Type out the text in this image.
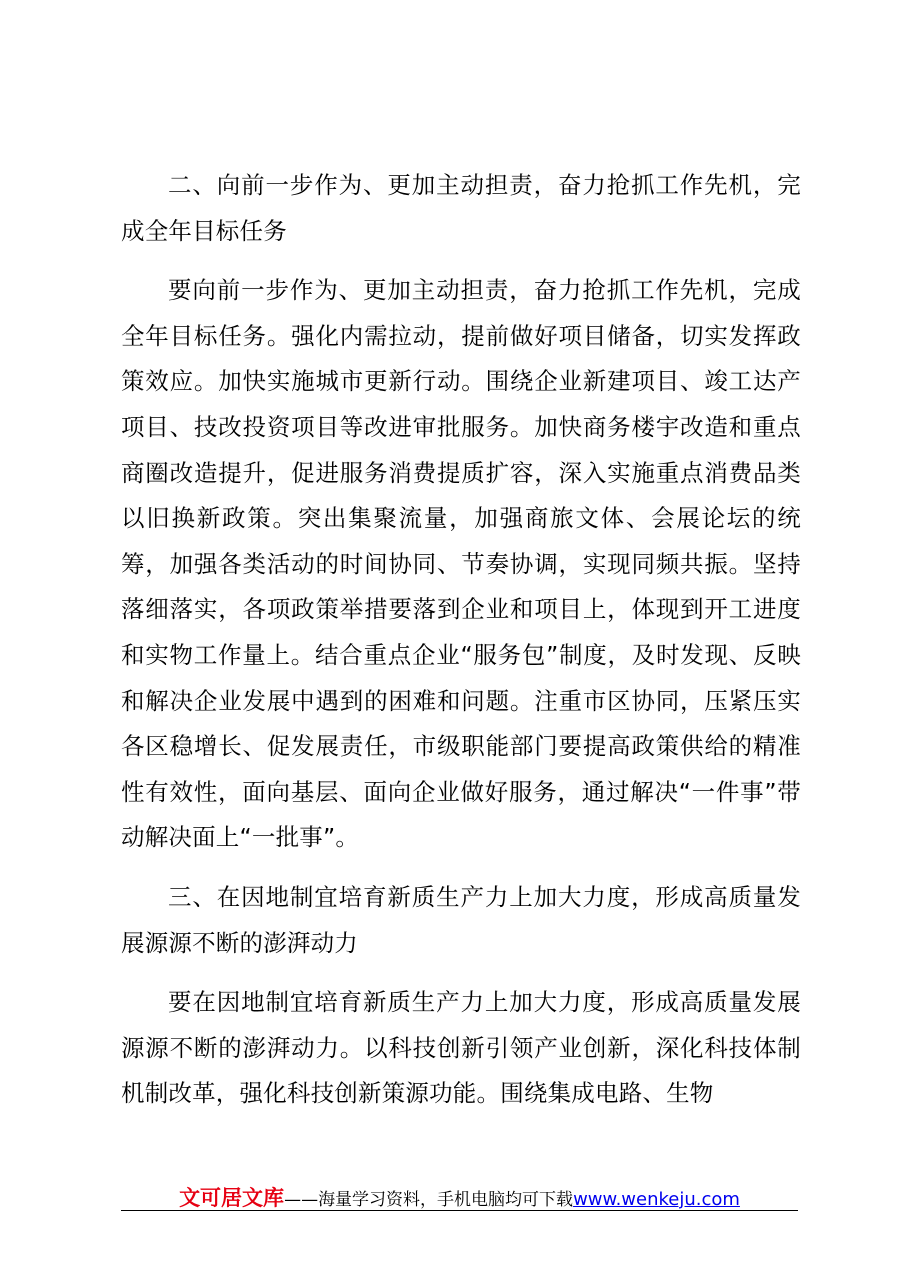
二、向前一步作为、更加主动担责，奋力抢抓工作先机，完成全年目标任务

要向前一步作为、更加主动担责，奋力抢抓工作先机，完成全年目标任务。强化内需拉动，提前做好项目储备，切实发挥政策效应。加快实施城市更新行动。围绕企业新建项目、竣工达产项目、技改投资项目等改进审批服务。加快商务楼宇改造和重点商圈改造提升，促进服务消费提质扩容，深入实施重点消费品类以旧换新政策。突出集聚流量，加强商旅文体、会展论坛的统筹，加强各类活动的时间协同、节奏协调，实现同频共振。坚持落细落实，各项政策举措要落到企业和项目上，体现到开工进度和实物工作量上。结合重点企业“服务包”制度，及时发现、反映和解决企业发展中遇到的困难和问题。注重市区协同，压紧压实各区稳增长、促发展责任，市级职能部门要提高政策供给的精准性有效性，面向基层、面向企业做好服务，通过解决“一件事”带动解决面上“一批事”。

三、在因地制宜培育新质生产力上加大力度，形成高质量发展源源不断的澎湃动力

要在因地制宜培育新质生产力上加大力度，形成高质量发展源源不断的澎湃动力。以科技创新引领产业创新，深化科技体制机制改革，强化科技创新策源功能。围绕集成电路、生物

文可居文库——海量学习资料，手机电脑均可下载www.wenkeju.com
